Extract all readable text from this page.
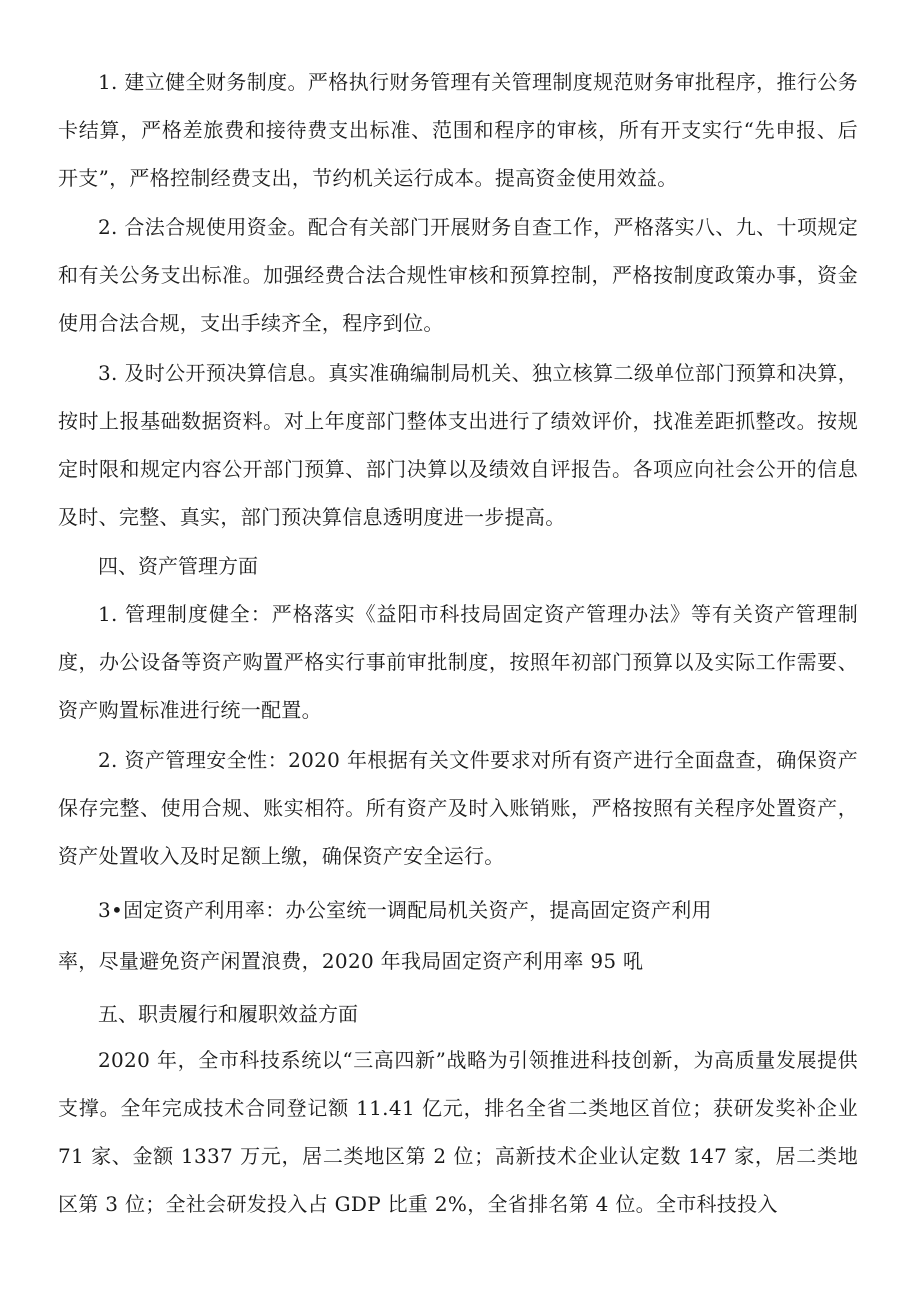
1. 建立健全财务制度。严格执行财务管理有关管理制度规范财务审批程序，推行公务卡结算，严格差旅费和接待费支出标准、范围和程序的审核，所有开支实行“先申报、后开支”，严格控制经费支出，节约机关运行成本。提高资金使用效益。

2. 合法合规使用资金。配合有关部门开展财务自查工作，严格落实八、九、十项规定和有关公务支出标准。加强经费合法合规性审核和预算控制，严格按制度政策办事，资金使用合法合规，支出手续齐全，程序到位。

3. 及时公开预决算信息。真实准确编制局机关、独立核算二级单位部门预算和决算，按时上报基础数据资料。对上年度部门整体支出进行了绩效评价，找准差距抓整改。按规定时限和规定内容公开部门预算、部门决算以及绩效自评报告。各项应向社会公开的信息及时、完整、真实，部门预决算信息透明度进一步提高。

四、资产管理方面

1. 管理制度健全：严格落实《益阳市科技局固定资产管理办法》等有关资产管理制度，办公设备等资产购置严格实行事前审批制度，按照年初部门预算以及实际工作需要、资产购置标准进行统一配置。

2. 资产管理安全性：2020 年根据有关文件要求对所有资产进行全面盘查，确保资产保存完整、使用合规、账实相符。所有资产及时入账销账，严格按照有关程序处置资产，资产处置收入及时足额上缴，确保资产安全运行。

3•固定资产利用率：办公室统一调配局机关资产，提高固定资产利用

率，尽量避免资产闲置浪费，2020 年我局固定资产利用率 95 吼

五、职责履行和履职效益方面

2020 年，全市科技系统以“三高四新”战略为引领推进科技创新，为高质量发展提供支撑。全年完成技术合同登记额 11.41 亿元，排名全省二类地区首位；获研发奖补企业 71 家、金额 1337 万元，居二类地区第 2 位；高新技术企业认定数 147 家，居二类地区第 3 位；全社会研发投入占 GDP 比重 2%，全省排名第 4 位。全市科技投入
